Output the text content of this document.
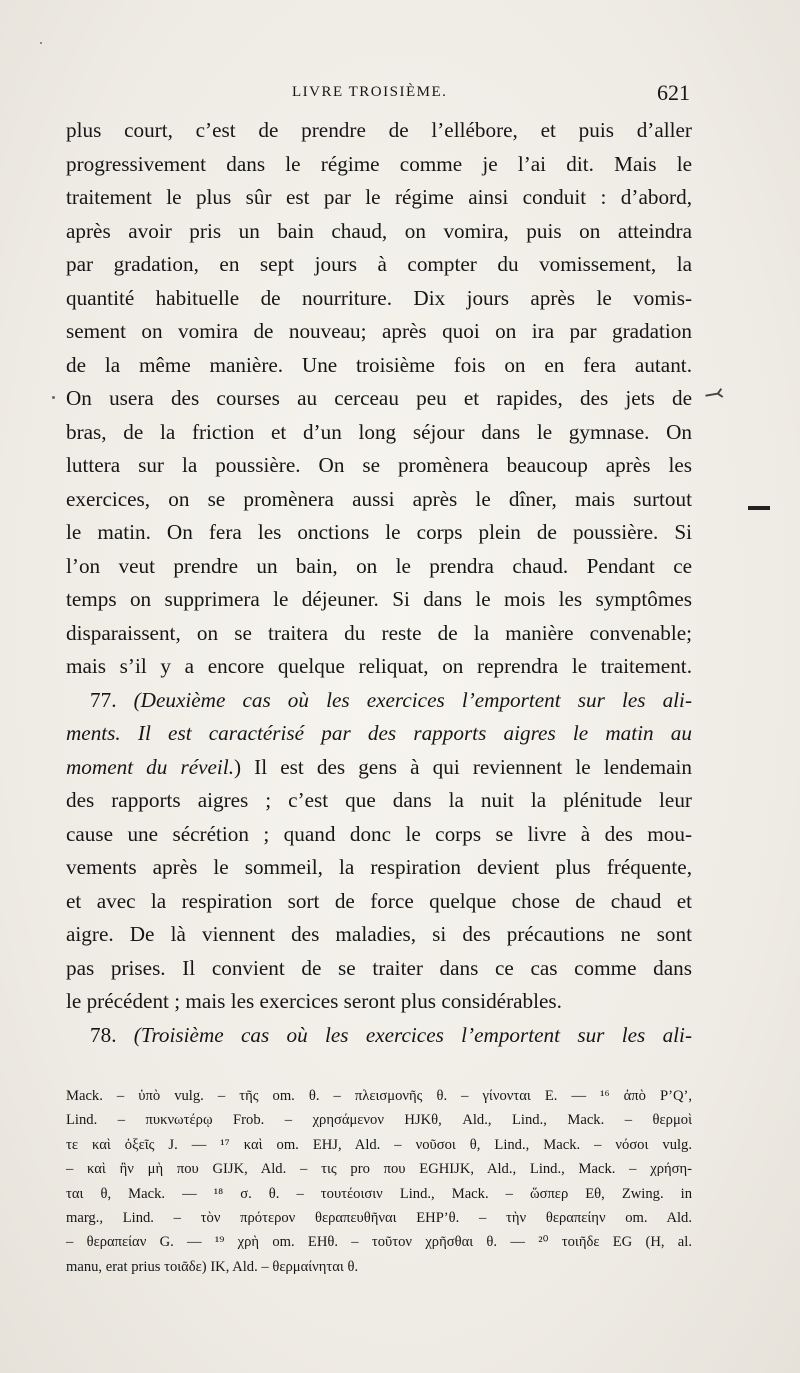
LIVRE TROISIÈME.	621
plus court, c’est de prendre de l’ellébore, et puis d’aller
progressivement dans le régime comme je l’ai dit. Mais le
traitement le plus sûr est par le régime ainsi conduit : d’abord,
après avoir pris un bain chaud, on vomira, puis on atteindra
par gradation, en sept jours à compter du vomissement, la
quantité habituelle de nourriture. Dix jours après le vomis-
sement on vomira de nouveau; après quoi on ira par gradation
de la même manière. Une troisième fois on en fera autant.
On usera des courses au cerceau peu et rapides, des jets de
bras, de la friction et d’un long séjour dans le gymnase. On
luttera sur la poussière. On se promènera beaucoup après les
exercices, on se promènera aussi après le dîner, mais surtout
le matin. On fera les onctions le corps plein de poussière. Si
l’on veut prendre un bain, on le prendra chaud. Pendant ce
temps on supprimera le déjeuner. Si dans le mois les symptômes
disparaissent, on se traitera du reste de la manière convenable;
mais s’il y a encore quelque reliquat, on reprendra le traitement.
77. (Deuxième cas où les exercices l’emportent sur les ali-
ments. Il est caractérisé par des rapports aigres le matin au
moment du réveil.) Il est des gens à qui reviennent le lendemain
des rapports aigres ; c’est que dans la nuit la plénitude leur
cause une sécrétion ; quand donc le corps se livre à des mou-
vements après le sommeil, la respiration devient plus fréquente,
et avec la respiration sort de force quelque chose de chaud et
aigre. De là viennent des maladies, si des précautions ne sont
pas prises. Il convient de se traiter dans ce cas comme dans
le précédent ; mais les exercices seront plus considérables.
78. (Troisième cas où les exercices l’emportent sur les ali-
Mack. – ὑπὸ vulg. – τῆς om. θ. – πλεισμονῆς θ. – γίνονται E. — ¹⁶ ἀπὸ P’Q’,
Lind. – πυκνωτέρῳ Frob. – χρησάμενον HJKθ, Ald., Lind., Mack. – θερμοὶ
τε καὶ ὀξεῖς J. — ¹⁷ καὶ om. EHJ, Ald. – νοῦσοι θ, Lind., Mack. – νόσοι vulg.
– καὶ ἢν μὴ που GIJK, Ald. – τις pro που EGHIJK, Ald., Lind., Mack. – χρήση-
ται θ, Mack. — ¹⁸ σ. θ. – τουτέοισιν Lind., Mack. – ὥσπερ Eθ, Zwing. in
marg., Lind. – τὸν πρότερον θεραπευθῆναι EHP’θ. – τὴν θεραπείην om. Ald.
– θεραπείαν G. — ¹⁹ χρὴ om. EHθ. – τοῦτον χρῆσθαι θ. — ²⁰ τοιῆδε EG (H, al.
manu, erat prius τοιᾶδε) IK, Ald. – θερμαίνηται θ.
⤙
